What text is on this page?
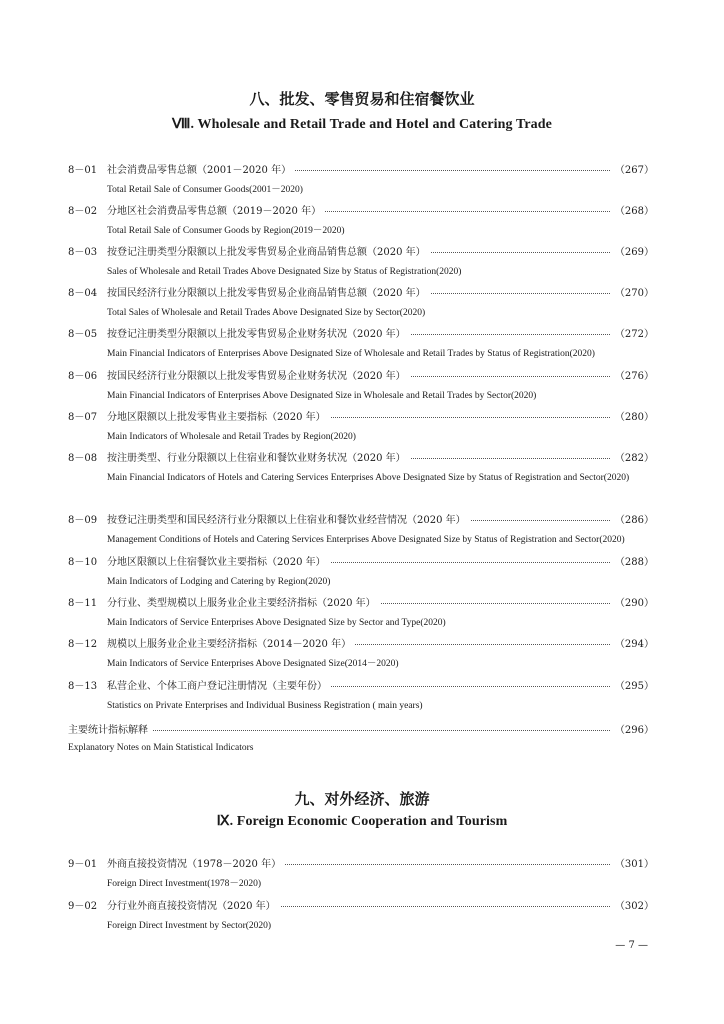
八、批发、零售贸易和住宿餐饮业
Ⅷ. Wholesale and Retail Trade and Hotel and Catering Trade
8－01 社会消费品零售总额（2001－2020 年）	（267）
Total Retail Sale of Consumer Goods(2001－2020)
8－02 分地区社会消费品零售总额（2019－2020 年）	（268）
Total Retail Sale of Consumer Goods by Region(2019－2020)
8－03 按登记注册类型分限额以上批发零售贸易企业商品销售总额（2020 年）	（269）
Sales of Wholesale and Retail Trades Above Designated Size by Status of Registration(2020)
8－04 按国民经济行业分限额以上批发零售贸易企业商品销售总额（2020 年）	（270）
Total Sales of Wholesale and Retail Trades Above Designated Size by Sector(2020)
8－05 按登记注册类型分限额以上批发零售贸易企业财务状况（2020 年）	（272）
Main Financial Indicators of Enterprises Above Designated Size of Wholesale and Retail Trades by Status of Registration(2020)
8－06 按国民经济行业分限额以上批发零售贸易企业财务状况（2020 年）	（276）
Main Financial Indicators of Enterprises Above Designated Size in Wholesale and Retail Trades by Sector(2020)
8－07 分地区限额以上批发零售业主要指标（2020 年）	（280）
Main Indicators of Wholesale and Retail Trades by Region(2020)
8－08 按注册类型、行业分限额以上住宿业和餐饮业财务状况（2020 年）	（282）
Main Financial Indicators of Hotels and Catering Services Enterprises Above Designated Size by Status of Registration and Sector(2020)
8－09 按登记注册类型和国民经济行业分限额以上住宿业和餐饮业经营情况（2020 年）	（286）
Management Conditions of Hotels and Catering Services Enterprises Above Designated Size by Status of Registration and Sector(2020)
8－10 分地区限额以上住宿餐饮业主要指标（2020 年）	（288）
Main Indicators of Lodging and Catering by Region(2020)
8－11 分行业、类型规模以上服务业企业主要经济指标（2020 年）	（290）
Main Indicators of Service Enterprises Above Designated Size by Sector and Type(2020)
8－12 规模以上服务业企业主要经济指标（2014－2020 年）	（294）
Main Indicators of Service Enterprises Above Designated Size(2014－2020)
8－13 私营企业、个体工商户登记注册情况（主要年份）	（295）
Statistics on Private Enterprises and Individual Business Registration ( main years)
主要统计指标解释	（296）
Explanatory Notes on Main Statistical Indicators
九、对外经济、旅游
Ⅸ. Foreign Economic Cooperation and Tourism
9－01 外商直接投资情况（1978－2020 年）	（301）
Foreign Direct Investment(1978－2020)
9－02 分行业外商直接投资情况（2020 年）	（302）
Foreign Direct Investment by Sector(2020)
— 7 —
